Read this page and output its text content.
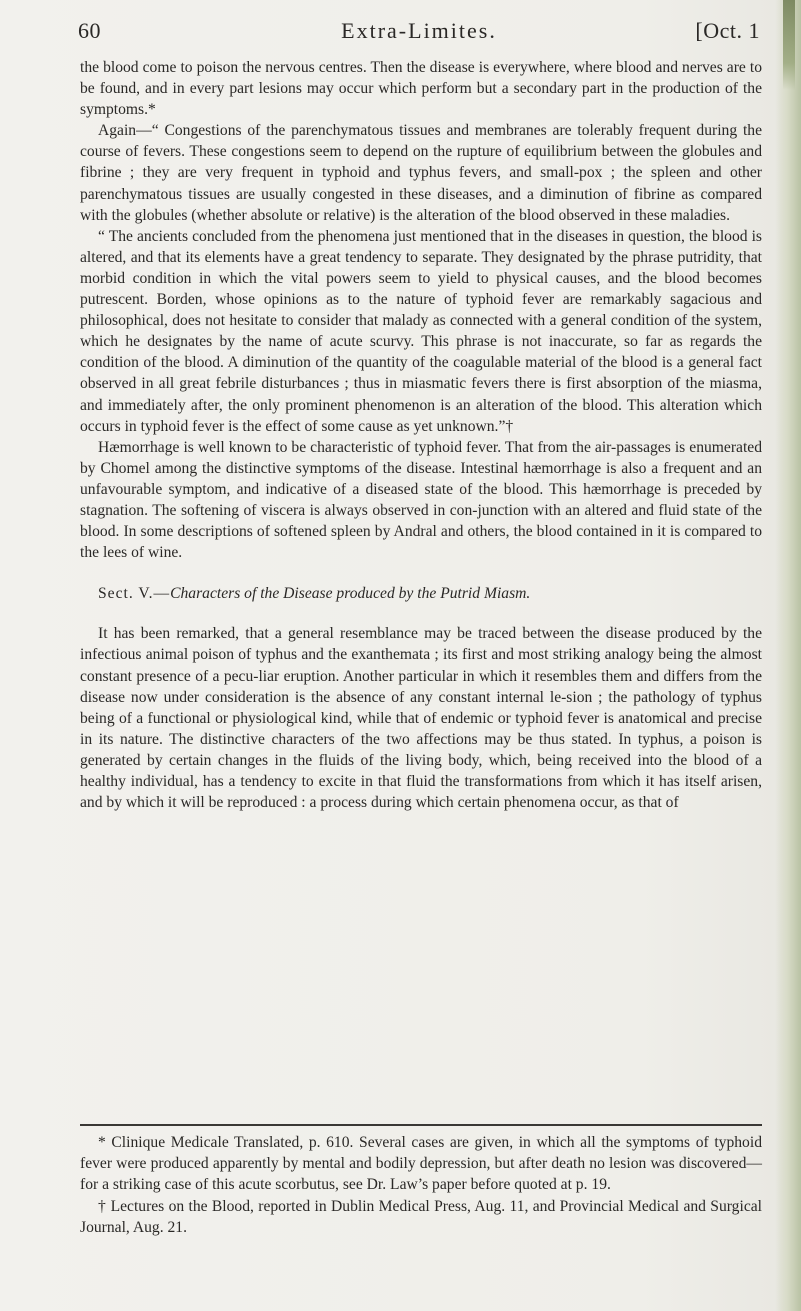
60	Extra-Limites.	[Oct. 1

the blood come to poison the nervous centres. Then the disease is everywhere, where blood and nerves are to be found, and in every part lesions may occur which perform but a secondary part in the production of the symptoms.*

Again—“ Congestions of the parenchymatous tissues and membranes are tolerably frequent during the course of fevers. These congestions seem to depend on the rupture of equilibrium between the globules and fibrine ; they are very frequent in typhoid and typhus fevers, and small-pox ; the spleen and other parenchymatous tissues are usually congested in these diseases, and a diminution of fibrine as compared with the globules (whether absolute or relative) is the alteration of the blood observed in these maladies.

“ The ancients concluded from the phenomena just mentioned that in the diseases in question, the blood is altered, and that its elements have a great tendency to separate. They designated by the phrase putridity, that morbid condition in which the vital powers seem to yield to physical causes, and the blood becomes putrescent. Borden, whose opinions as to the nature of typhoid fever are remarkably sagacious and philosophical, does not hesitate to consider that malady as connected with a general condition of the system, which he designates by the name of acute scurvy. This phrase is not inaccurate, so far as regards the condition of the blood. A diminution of the quantity of the coagulable material of the blood is a general fact observed in all great febrile disturbances ; thus in miasmatic fevers there is first absorption of the miasma, and immediately after, the only prominent phenomenon is an alteration of the blood. This alteration which occurs in typhoid fever is the effect of some cause as yet unknown.”†

Hæmorrhage is well known to be characteristic of typhoid fever. That from the air-passages is enumerated by Chomel among the distinctive symptoms of the disease. Intestinal hæmorrhage is also a frequent and an unfavourable symptom, and indicative of a diseased state of the blood. This hæmorrhage is preceded by stagnation. The softening of viscera is always observed in con-junction with an altered and fluid state of the blood. In some descriptions of softened spleen by Andral and others, the blood contained in it is compared to the lees of wine.

Sect. V.—Characters of the Disease produced by the Putrid Miasm.

It has been remarked, that a general resemblance may be traced between the disease produced by the infectious animal poison of typhus and the exanthemata ; its first and most striking analogy being the almost constant presence of a pecu-liar eruption. Another particular in which it resembles them and differs from the disease now under consideration is the absence of any constant internal le-sion ; the pathology of typhus being of a functional or physiological kind, while that of endemic or typhoid fever is anatomical and precise in its nature. The distinctive characters of the two affections may be thus stated. In typhus, a poison is generated by certain changes in the fluids of the living body, which, being received into the blood of a healthy individual, has a tendency to excite in that fluid the transformations from which it has itself arisen, and by which it will be reproduced : a process during which certain phenomena occur, as that of

* Clinique Medicale Translated, p. 610. Several cases are given, in which all the symptoms of typhoid fever were produced apparently by mental and bodily depression, but after death no lesion was discovered—for a striking case of this acute scorbutus, see Dr. Law’s paper before quoted at p. 19.

† Lectures on the Blood, reported in Dublin Medical Press, Aug. 11, and Provincial Medical and Surgical Journal, Aug. 21.
